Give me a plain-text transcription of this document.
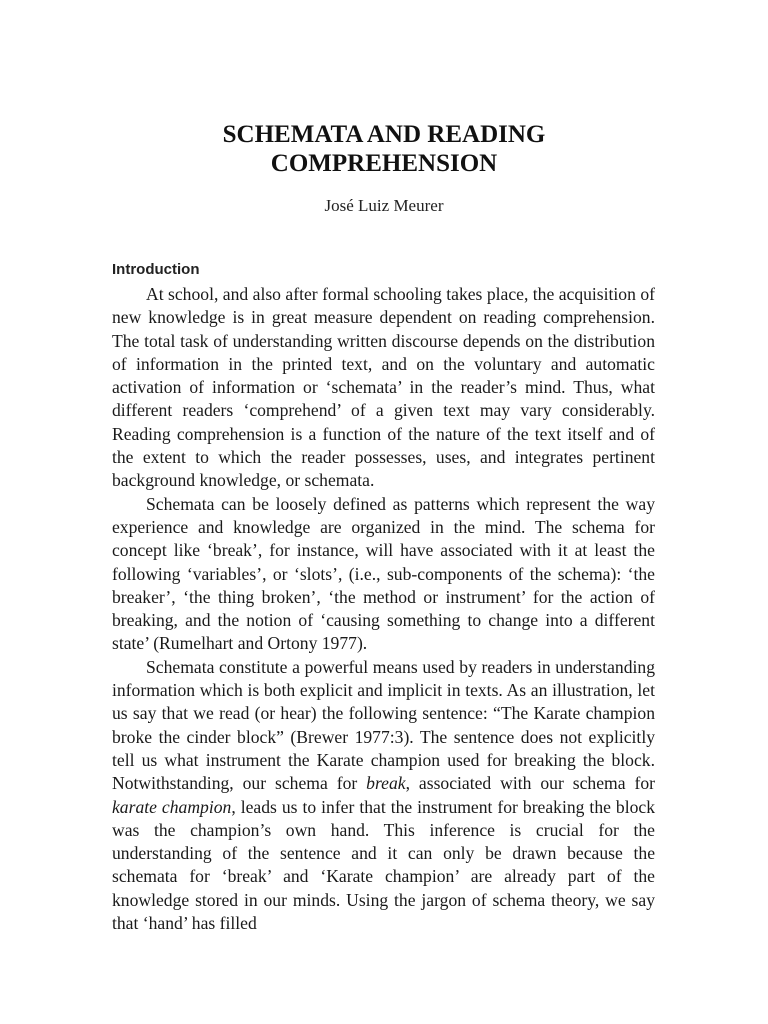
SCHEMATA AND READING
COMPREHENSION
José Luiz Meurer
Introduction

At school, and also after formal schooling takes place, the acquisition of new knowledge is in great measure dependent on reading comprehension. The total task of understanding written discourse depends on the distribution of information in the printed text, and on the voluntary and automatic activation of information or ‘schemata’ in the reader’s mind. Thus, what different readers ‘comprehend’ of a given text may vary considerably. Reading comprehension is a function of the nature of the text itself and of the extent to which the reader possesses, uses, and integrates pertinent background knowledge, or schemata.

Schemata can be loosely defined as patterns which represent the way experience and knowledge are organized in the mind. The schema for concept like ‘break’, for instance, will have associated with it at least the following ‘variables’, or ‘slots’, (i.e., sub-components of the schema): ‘the breaker’, ‘the thing broken’, ‘the method or instrument’ for the action of breaking, and the notion of ‘causing something to change into a different state’ (Rumelhart and Ortony 1977).

Schemata constitute a powerful means used by readers in understanding information which is both explicit and implicit in texts. As an illustration, let us say that we read (or hear) the following sentence: “The Karate champion broke the cinder block” (Brewer 1977:3). The sentence does not explicitly tell us what instrument the Karate champion used for breaking the block. Notwithstanding, our schema for break, associated with our schema for karate champion, leads us to infer that the instrument for breaking the block was the champion’s own hand. This inference is crucial for the understanding of the sentence and it can only be drawn because the schemata for ‘break’ and ‘Karate champion’ are already part of the knowledge stored in our minds. Using the jargon of schema theory, we say that ‘hand’ has filled
